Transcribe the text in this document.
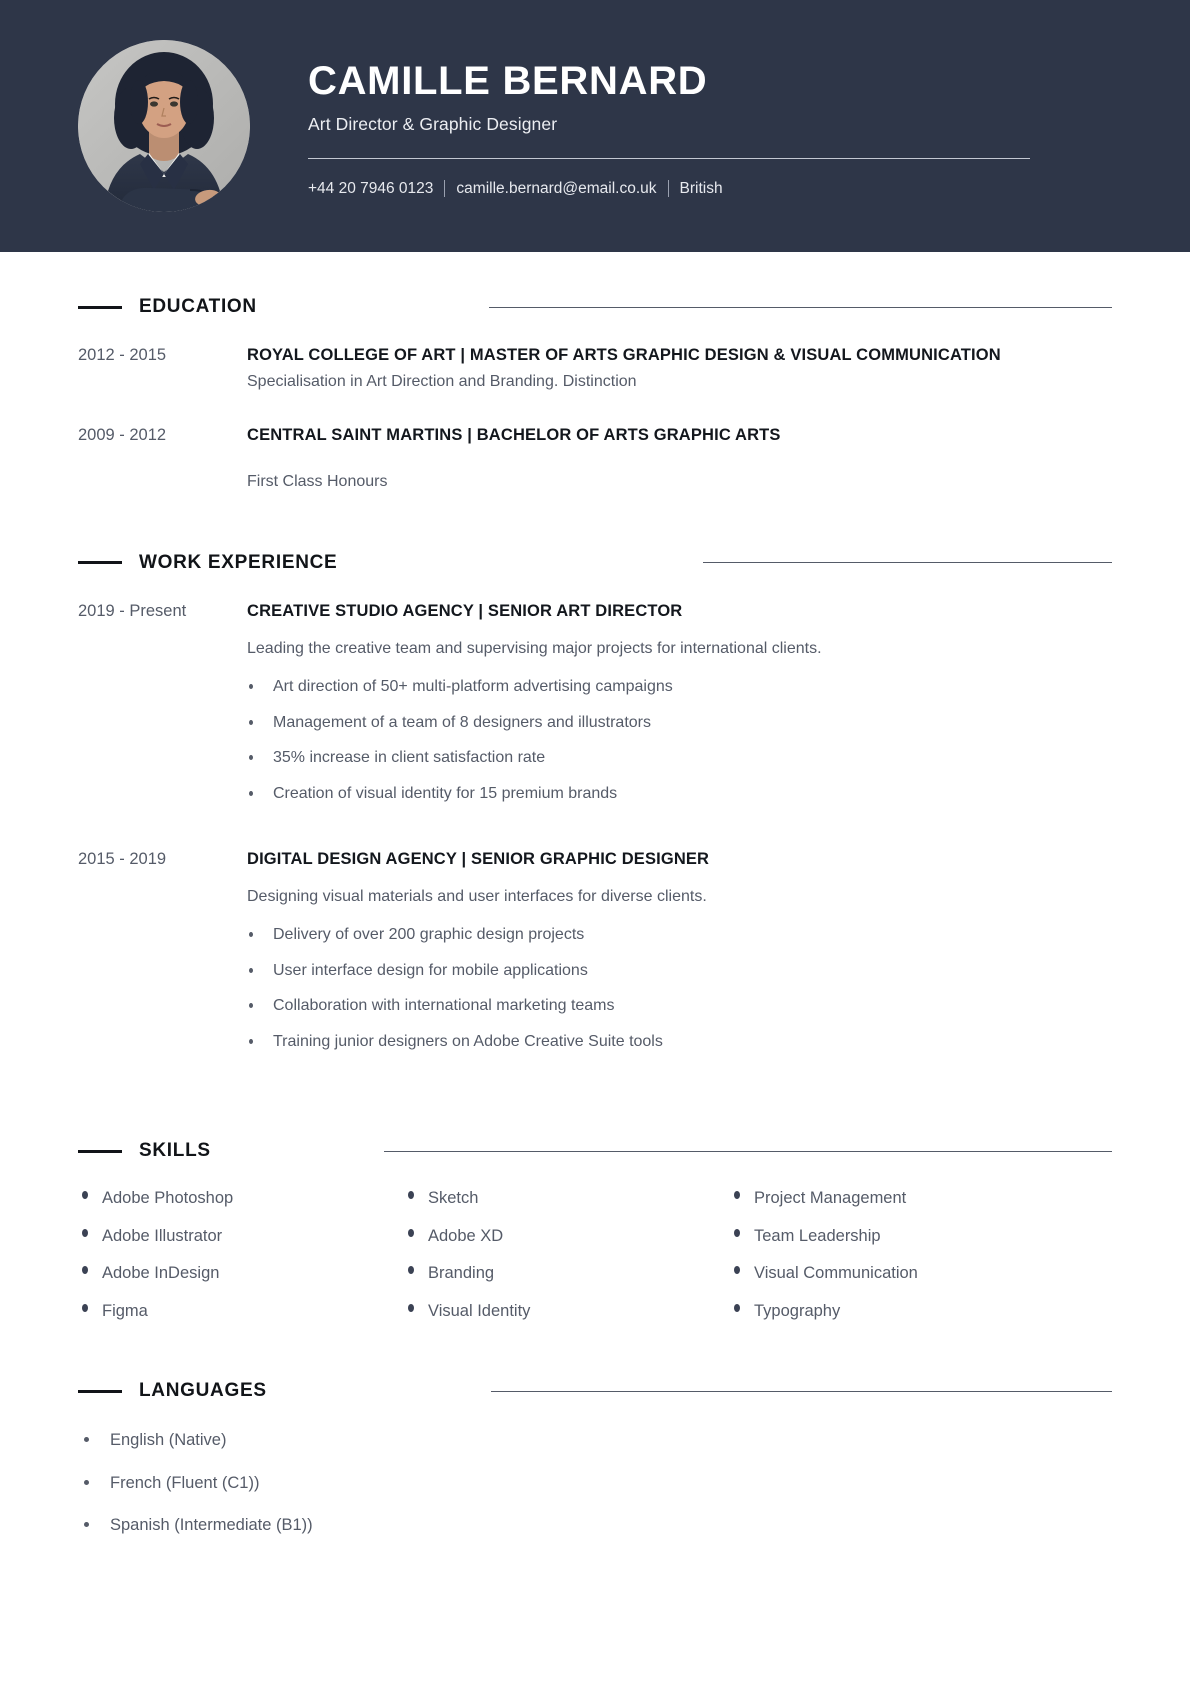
CAMILLE BERNARD
Art Director & Graphic Designer
+44 20 7946 0123 camille.bernard@email.co.uk British
EDUCATION
2012 - 2015	ROYAL COLLEGE OF ART | MASTER OF ARTS GRAPHIC DESIGN & VISUAL COMMUNICATION
Specialisation in Art Direction and Branding. Distinction
2009 - 2012	CENTRAL SAINT MARTINS | BACHELOR OF ARTS GRAPHIC ARTS
First Class Honours
WORK EXPERIENCE
2019 - Present	CREATIVE STUDIO AGENCY | SENIOR ART DIRECTOR
Leading the creative team and supervising major projects for international clients.
Art direction of 50+ multi-platform advertising campaigns
Management of a team of 8 designers and illustrators
35% increase in client satisfaction rate
Creation of visual identity for 15 premium brands
2015 - 2019	DIGITAL DESIGN AGENCY | SENIOR GRAPHIC DESIGNER
Designing visual materials and user interfaces for diverse clients.
Delivery of over 200 graphic design projects
User interface design for mobile applications
Collaboration with international marketing teams
Training junior designers on Adobe Creative Suite tools
SKILLS
Adobe Photoshop
Adobe Illustrator
Adobe InDesign
Figma
Sketch
Adobe XD
Branding
Visual Identity
Project Management
Team Leadership
Visual Communication
Typography
LANGUAGES
English (Native)
French (Fluent (C1))
Spanish (Intermediate (B1))
